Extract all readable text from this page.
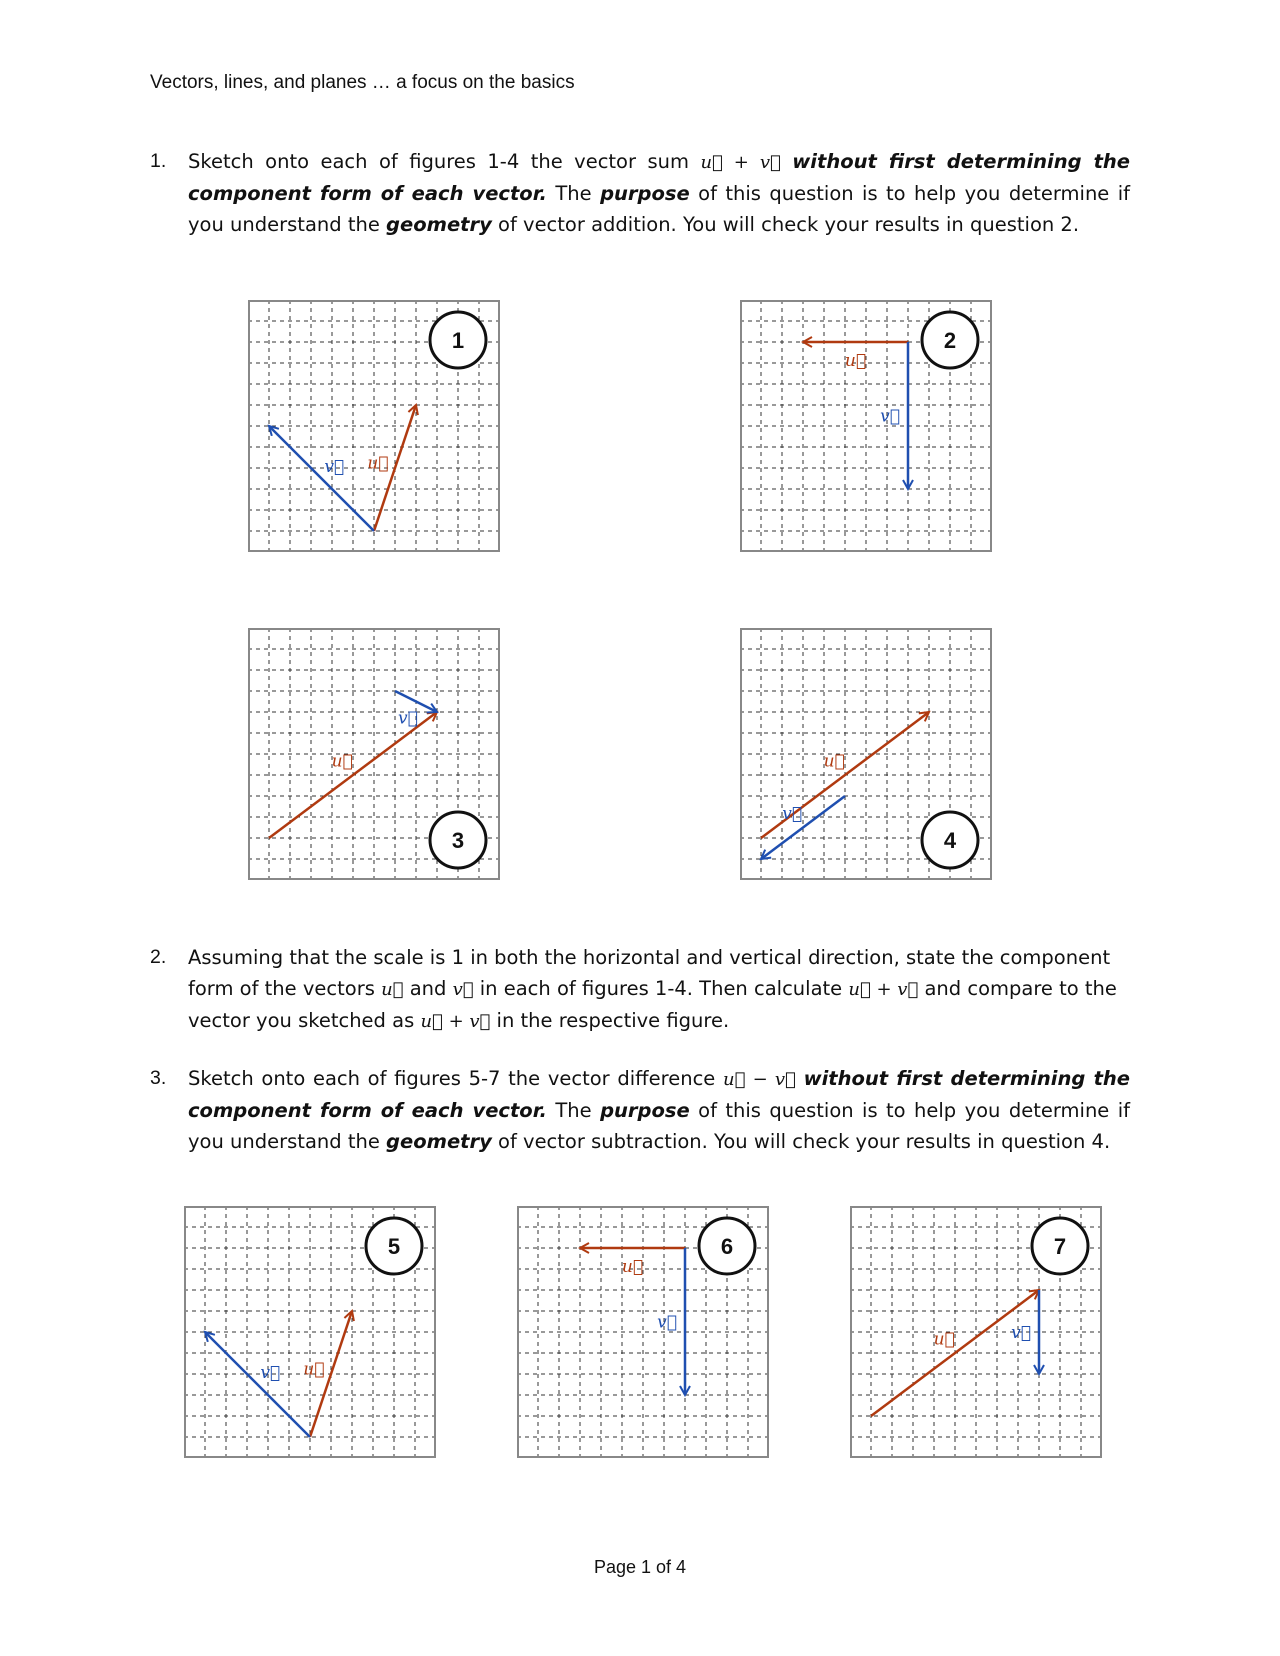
Vectors, lines, and planes … a focus on the basics
1. Sketch onto each of figures 1-4 the vector sum u⃗ + v⃗ without first determining the component form of each vector. The purpose of this question is to help you determine if you understand the geometry of vector addition. You will check your results in question 2.
1
u⃗
v⃗
2
u⃗
v⃗
3
u⃗
v⃗
4
u⃗
v⃗
2. Assuming that the scale is 1 in both the horizontal and vertical direction, state the component form of the vectors u⃗ and v⃗ in each of figures 1-4. Then calculate u⃗ + v⃗ and compare to the vector you sketched as u⃗ + v⃗ in the respective figure.
3. Sketch onto each of figures 5-7 the vector difference u⃗ − v⃗ without first determining the component form of each vector. The purpose of this question is to help you determine if you understand the geometry of vector subtraction. You will check your results in question 4.
5
u⃗
v⃗
6
u⃗
v⃗
7
u⃗	v⃗
Page 1 of 4
